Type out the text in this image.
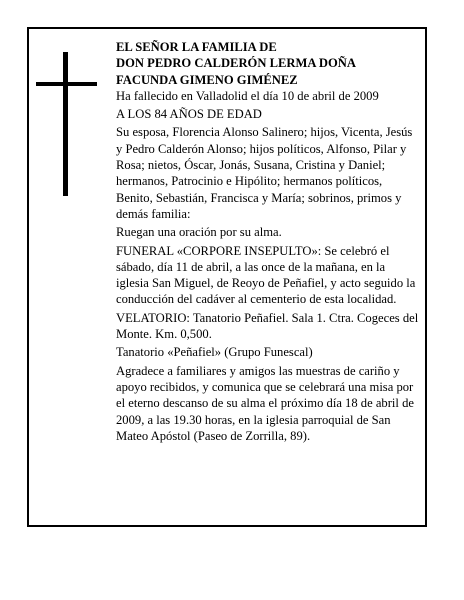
EL SEÑOR LA FAMILIA DE
DON PEDRO CALDERÓN LERMA DOÑA
FACUNDA GIMENO GIMÉNEZ

Ha fallecido en Valladolid el día 10 de abril de 2009

A LOS 84 AÑOS DE EDAD

Su esposa, Florencia Alonso Salinero; hijos, Vicenta, Jesús y Pedro Calderón Alonso; hijos políticos, Alfonso, Pilar y Rosa; nietos, Óscar, Jonás, Susana, Cristina y Daniel; hermanos, Patrocinio e Hipólito; hermanos políticos, Benito, Sebastián, Francisca y María; sobrinos, primos y demás familia:

Ruegan una oración por su alma.

FUNERAL «CORPORE INSEPULTO»: Se celebró el sábado, día 11 de abril, a las once de la mañana, en la iglesia San Miguel, de Reoyo de Peñafiel, y acto seguido la conducción del cadáver al cementerio de esta localidad.

VELATORIO: Tanatorio Peñafiel. Sala 1. Ctra. Cogeces del Monte. Km. 0,500.

Tanatorio «Peñafiel» (Grupo Funescal)

Agradece a familiares y amigos las muestras de cariño y apoyo recibidos, y comunica que se celebrará una misa por el eterno descanso de su alma el próximo día 18 de abril de 2009, a las 19.30 horas, en la iglesia parroquial de San Mateo Apóstol (Paseo de Zorrilla, 89).
